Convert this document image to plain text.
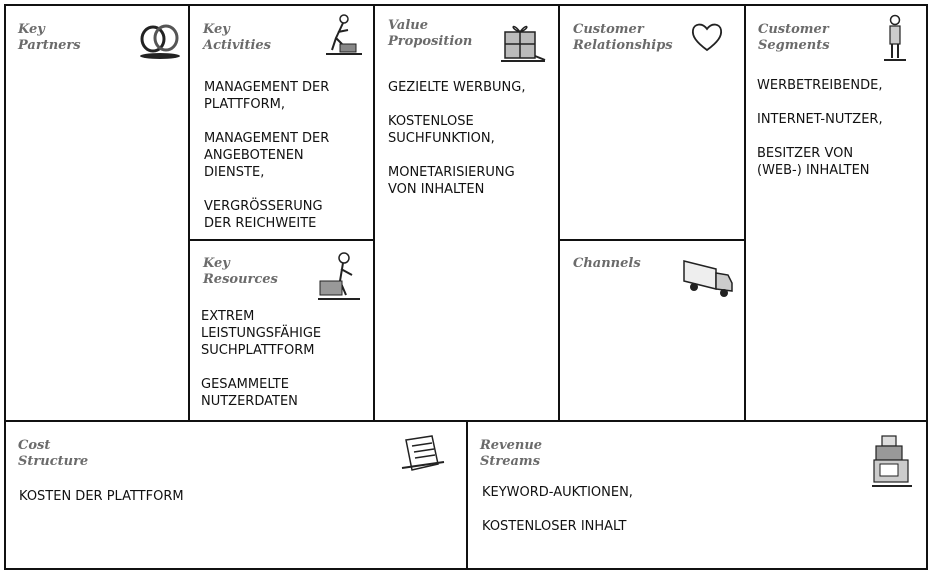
Key
Partners
Key
Activities
MANAGEMENT DER
PLATTFORM,
MANAGEMENT DER
ANGEBOTENEN
DIENSTE,
VERGRÖSSERUNG
DER REICHWEITE
Key
Resources
EXTREM
LEISTUNGSFÄHIGE
SUCHPLATTFORM
GESAMMELTE
NUTZERDATEN
Value
Proposition
GEZIELTE WERBUNG,
KOSTENLOSE
SUCHFUNKTION,
MONETARISIERUNG
VON INHALTEN
Customer
Relationships
Channels
Customer
Segments
WERBETREIBENDE,
INTERNET-NUTZER,
BESITZER VON
(WEB-) INHALTEN
Cost
Structure
KOSTEN DER PLATTFORM
Revenue
Streams
KEYWORD-AUKTIONEN,
KOSTENLOSER INHALT
